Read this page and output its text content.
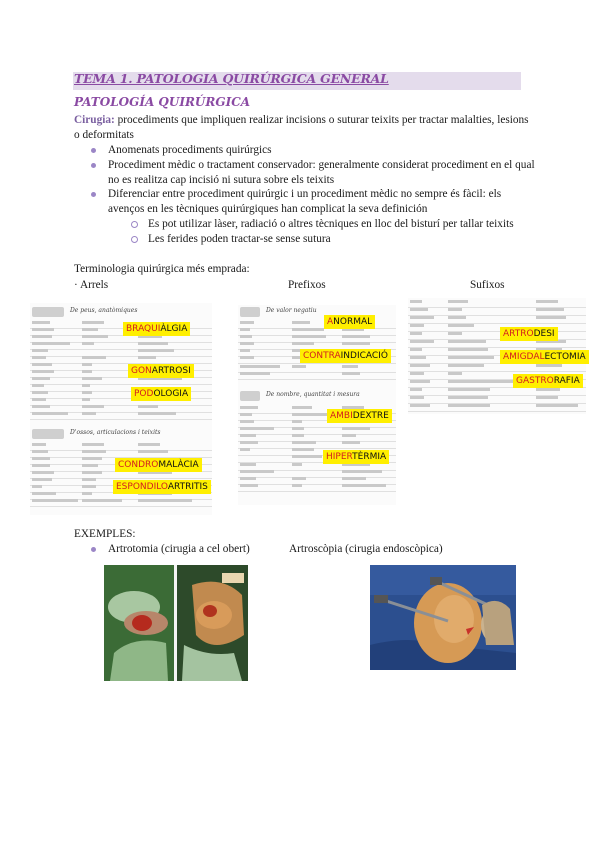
TEMA 1. PATOLOGIA QUIRÚRGICA GENERAL
PATOLOGÍA QUIRÚRGICA
Cirugia: procediments que impliquen realizar incisions o suturar teixits per tractar malalties, lesions o deformitats
Anomenats procediments quirúrgics
Procediment mèdic o tractament conservador: generalmente considerat procediment en el qual no es realitza cap incisió ni sutura sobre els teixits
Diferenciar entre procediment quirúrgic i un procediment mèdic no sempre és fàcil: els avenços en les tècniques quirúrgiques han complicat la seva definición
Es pot utilizar làser, radiació o altres tècniques en lloc del bisturí per tallar teixits
Les ferides poden tractar-se sense sutura
Terminologia quirúrgica més emprada:
· Arrels	Prefixos	Sufixos
De peus, anatòmiques
D'ossos, articulacions i teixits
De valor negatiu
De nombre, quantitat i mesura
BRAQUIÀLGIA
GONARTROSI
PODOLOGIA
CONDROMALÀCIA
ESPONDILOARTRITIS
ANORMAL
CONTRAINDICACIÓ
AMBIDEXTRE
HIPERTÈRMIA
ARTRODESI
AMIGDALECTOMIA
GASTRORAFIA
EXEMPLES:
Artrotomia (cirugia a cel obert)	Artroscòpia (cirugia endoscòpica)
